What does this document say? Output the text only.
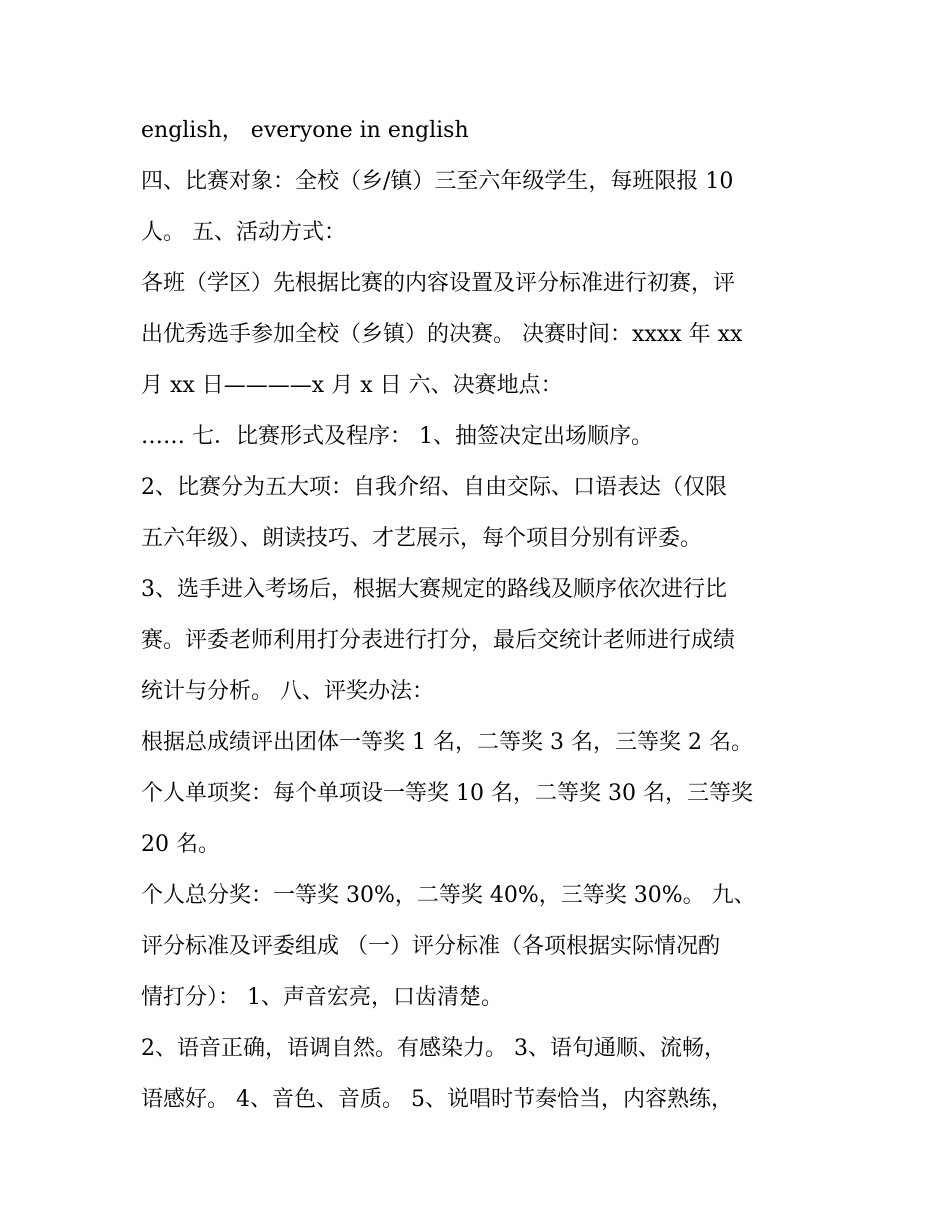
english， everyone in english
四、比赛对象：全校（乡/镇）三至六年级学生，每班限报 10
人。 五、活动方式：
各班（学区）先根据比赛的内容设置及评分标准进行初赛，评
出优秀选手参加全校（乡镇）的决赛。 决赛时间：xxxx 年 xx
月 xx 日————x 月 x 日 六、决赛地点：
…… 七．比赛形式及程序： 1、抽签决定出场顺序。
2、比赛分为五大项：自我介绍、自由交际、口语表达（仅限
五六年级）、朗读技巧、才艺展示，每个项目分别有评委。
3、选手进入考场后，根据大赛规定的路线及顺序依次进行比
赛。评委老师利用打分表进行打分，最后交统计老师进行成绩
统计与分析。 八、评奖办法：
根据总成绩评出团体一等奖 1 名，二等奖 3 名，三等奖 2 名。
个人单项奖：每个单项设一等奖 10 名，二等奖 30 名，三等奖
20 名。
个人总分奖：一等奖 30%，二等奖 40%，三等奖 30%。 九、
评分标准及评委组成 （一）评分标准（各项根据实际情况酌
情打分）： 1、声音宏亮，口齿清楚。
2、语音正确，语调自然。有感染力。 3、语句通顺、流畅，
语感好。 4、音色、音质。 5、说唱时节奏恰当，内容熟练，
